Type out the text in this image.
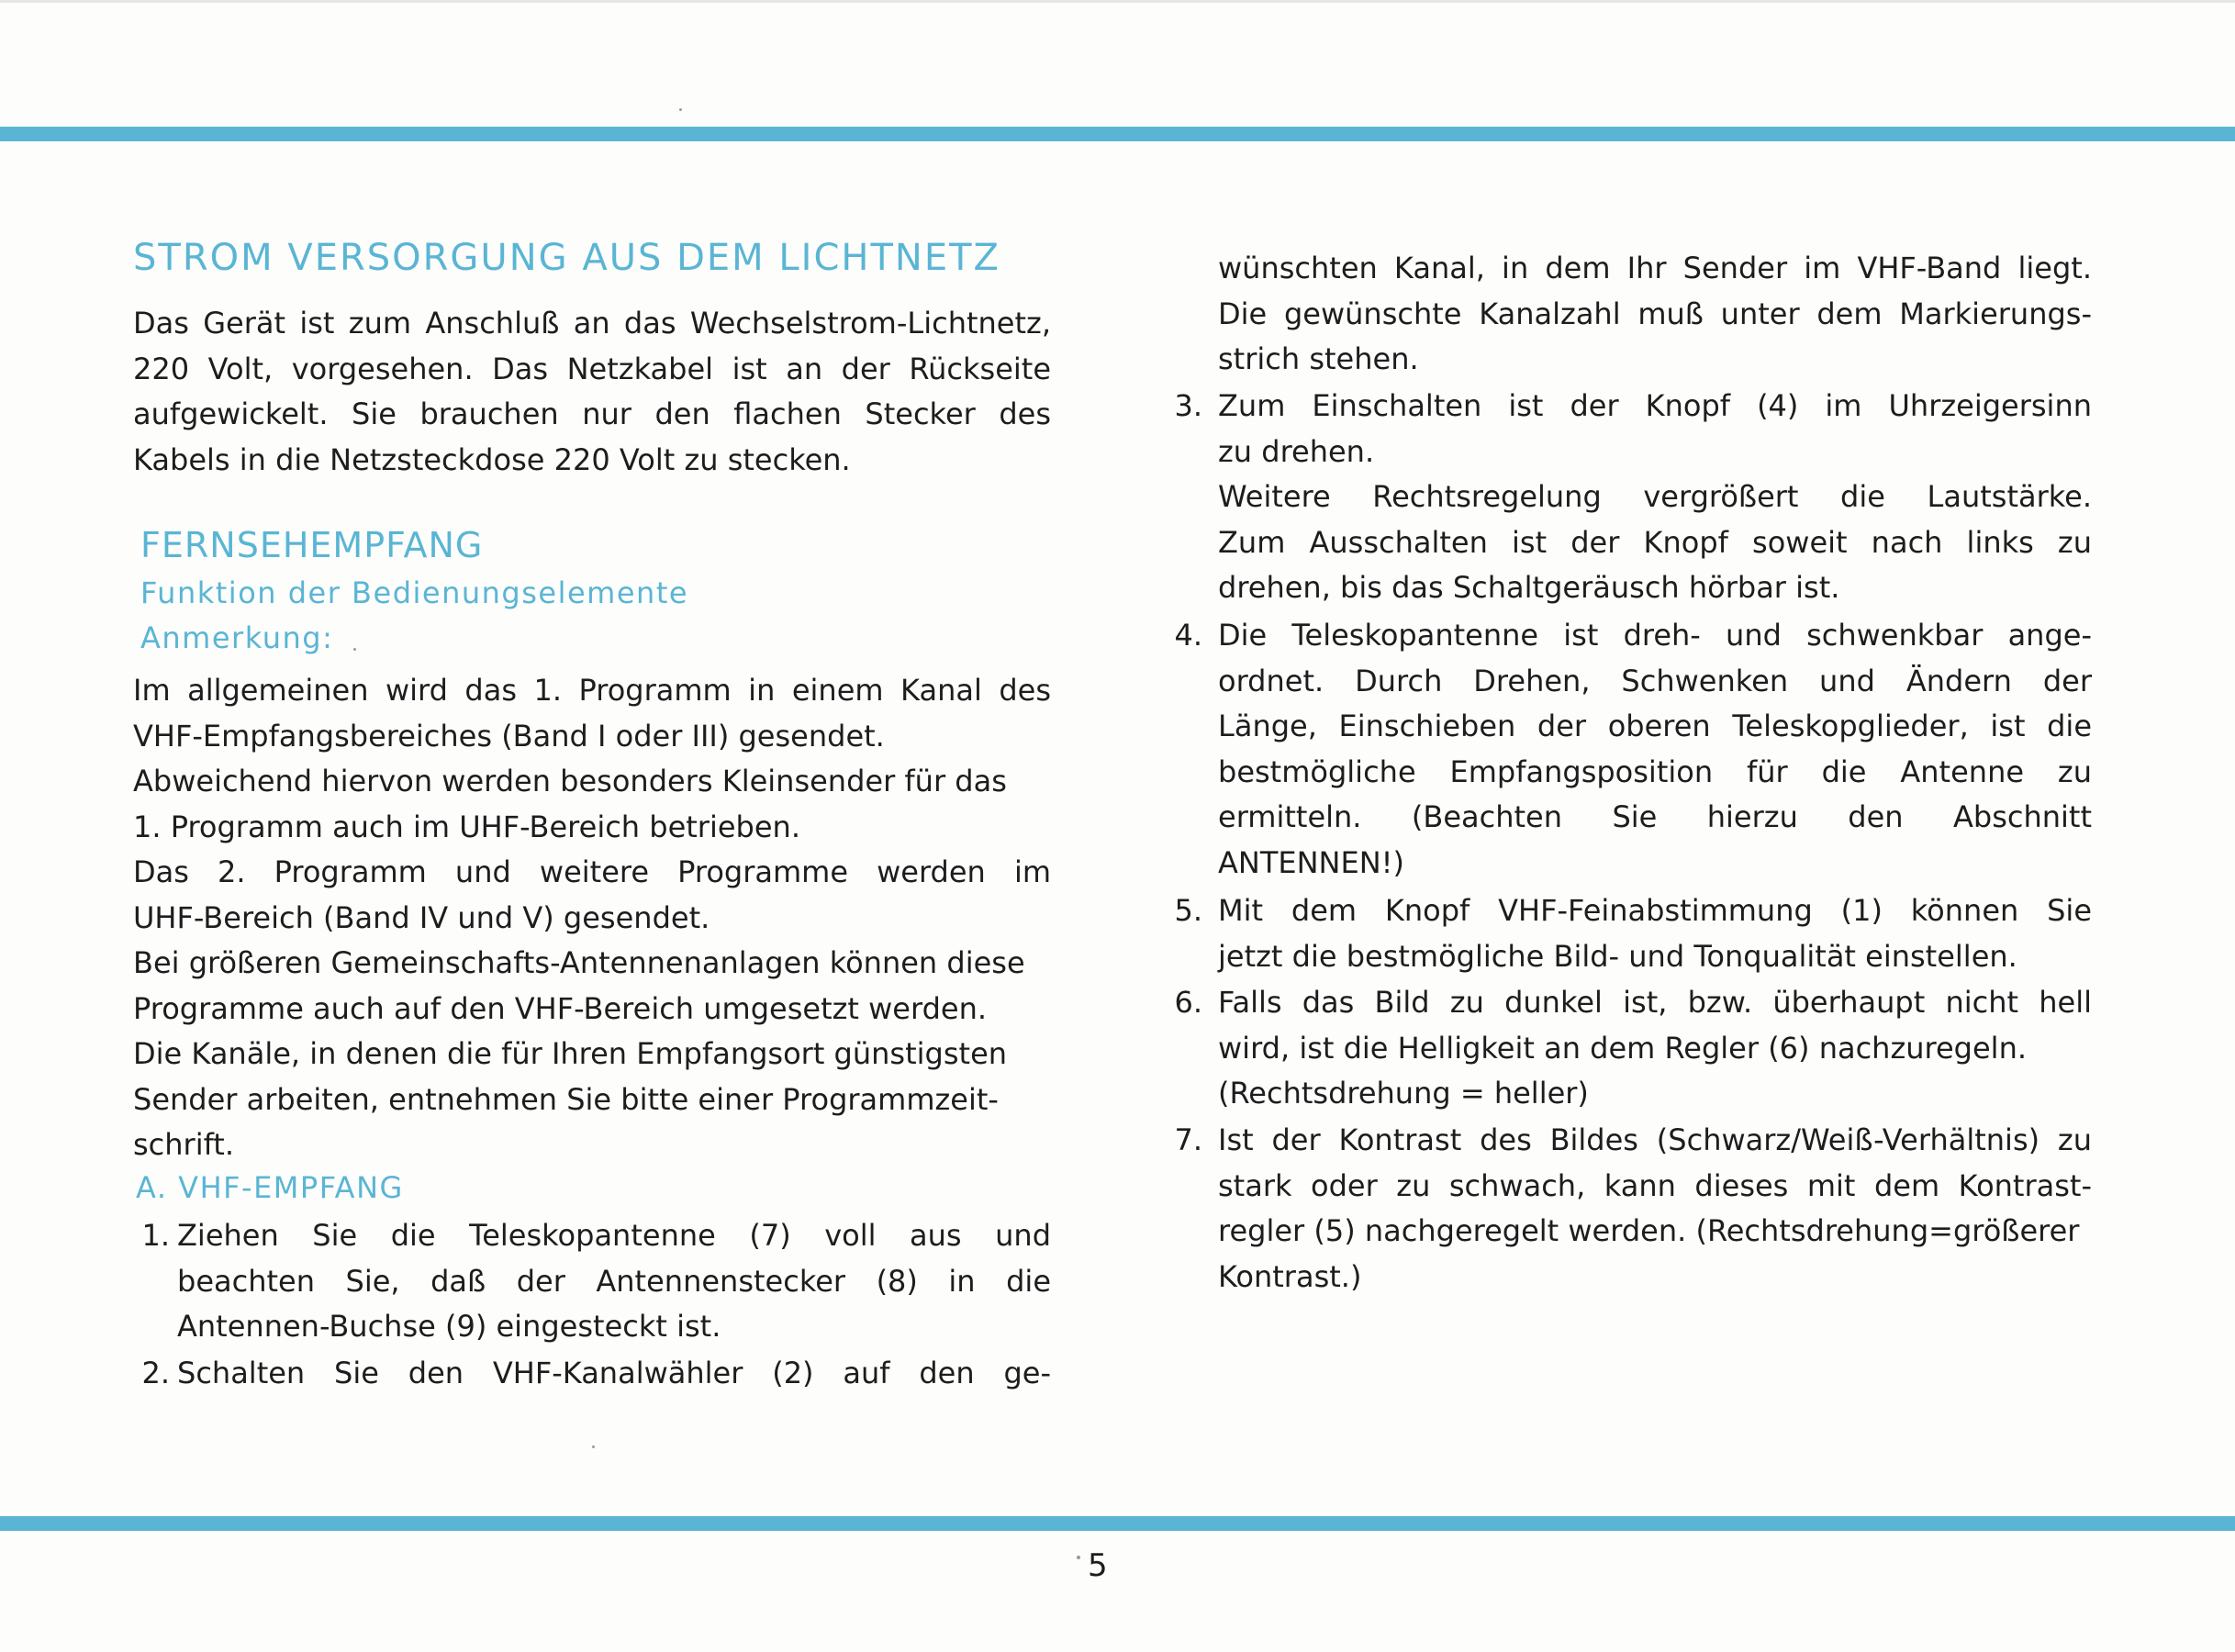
STROM VERSORGUNG AUS DEM LICHTNETZ
Das Gerät ist zum Anschluß an das Wechselstrom-Lichtnetz,
220 Volt, vorgesehen. Das Netzkabel ist an der Rückseite
aufgewickelt. Sie brauchen nur den flachen Stecker des
Kabels in die Netzsteckdose 220 Volt zu stecken.
FERNSEHEMPFANG
Funktion der Bedienungselemente
Anmerkung:
Im allgemeinen wird das 1. Programm in einem Kanal des
VHF-Empfangsbereiches (Band I oder III) gesendet.
Abweichend hiervon werden besonders Kleinsender für das
1. Programm auch im UHF-Bereich betrieben.
Das 2. Programm und weitere Programme werden im
UHF-Bereich (Band IV und V) gesendet.
Bei größeren Gemeinschafts-Antennenanlagen können diese
Programme auch auf den VHF-Bereich umgesetzt werden.
Die Kanäle, in denen die für Ihren Empfangsort günstigsten
Sender arbeiten, entnehmen Sie bitte einer Programmzeit-
schrift.
A. VHF-EMPFANG
1. Ziehen Sie die Teleskopantenne (7) voll aus und
beachten Sie, daß der Antennenstecker (8) in die
Antennen-Buchse (9) eingesteckt ist.
2. Schalten Sie den VHF-Kanalwähler (2) auf den ge-
wünschten Kanal, in dem Ihr Sender im VHF-Band liegt.
Die gewünschte Kanalzahl muß unter dem Markierungs-
strich stehen.
3. Zum Einschalten ist der Knopf (4) im Uhrzeigersinn
zu drehen.
Weitere Rechtsregelung vergrößert die Lautstärke.
Zum Ausschalten ist der Knopf soweit nach links zu
drehen, bis das Schaltgeräusch hörbar ist.
4. Die Teleskopantenne ist dreh- und schwenkbar ange-
ordnet. Durch Drehen, Schwenken und Ändern der
Länge, Einschieben der oberen Teleskopglieder, ist die
bestmögliche Empfangsposition für die Antenne zu
ermitteln. (Beachten Sie hierzu den Abschnitt
ANTENNEN!)
5. Mit dem Knopf VHF-Feinabstimmung (1) können Sie
jetzt die bestmögliche Bild- und Tonqualität einstellen.
6. Falls das Bild zu dunkel ist, bzw. überhaupt nicht hell
wird, ist die Helligkeit an dem Regler (6) nachzuregeln.
(Rechtsdrehung = heller)
7. Ist der Kontrast des Bildes (Schwarz/Weiß-Verhältnis) zu
stark oder zu schwach, kann dieses mit dem Kontrast-
regler (5) nachgeregelt werden. (Rechtsdrehung=größerer
Kontrast.)
5
